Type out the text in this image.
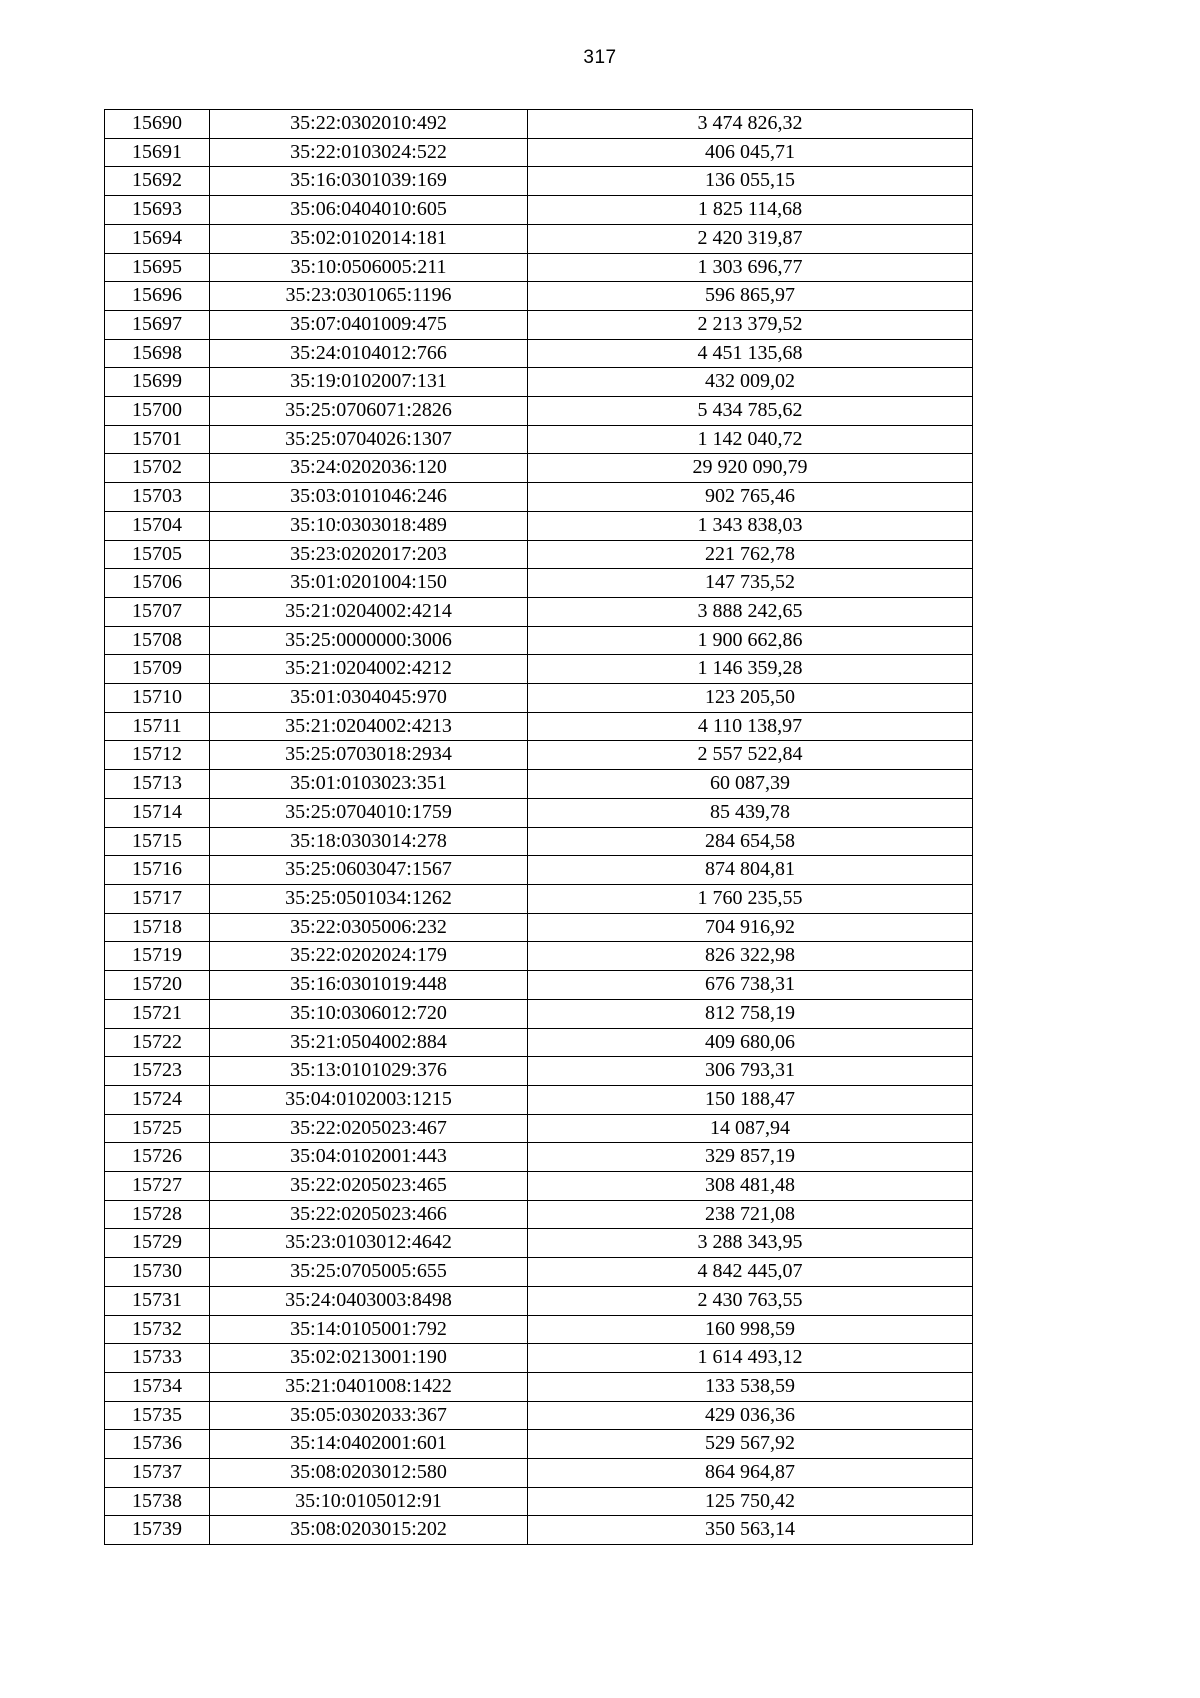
317
15690	35:22:0302010:492	3 474 826,32
15691	35:22:0103024:522	406 045,71
15692	35:16:0301039:169	136 055,15
15693	35:06:0404010:605	1 825 114,68
15694	35:02:0102014:181	2 420 319,87
15695	35:10:0506005:211	1 303 696,77
15696	35:23:0301065:1196	596 865,97
15697	35:07:0401009:475	2 213 379,52
15698	35:24:0104012:766	4 451 135,68
15699	35:19:0102007:131	432 009,02
15700	35:25:0706071:2826	5 434 785,62
15701	35:25:0704026:1307	1 142 040,72
15702	35:24:0202036:120	29 920 090,79
15703	35:03:0101046:246	902 765,46
15704	35:10:0303018:489	1 343 838,03
15705	35:23:0202017:203	221 762,78
15706	35:01:0201004:150	147 735,52
15707	35:21:0204002:4214	3 888 242,65
15708	35:25:0000000:3006	1 900 662,86
15709	35:21:0204002:4212	1 146 359,28
15710	35:01:0304045:970	123 205,50
15711	35:21:0204002:4213	4 110 138,97
15712	35:25:0703018:2934	2 557 522,84
15713	35:01:0103023:351	60 087,39
15714	35:25:0704010:1759	85 439,78
15715	35:18:0303014:278	284 654,58
15716	35:25:0603047:1567	874 804,81
15717	35:25:0501034:1262	1 760 235,55
15718	35:22:0305006:232	704 916,92
15719	35:22:0202024:179	826 322,98
15720	35:16:0301019:448	676 738,31
15721	35:10:0306012:720	812 758,19
15722	35:21:0504002:884	409 680,06
15723	35:13:0101029:376	306 793,31
15724	35:04:0102003:1215	150 188,47
15725	35:22:0205023:467	14 087,94
15726	35:04:0102001:443	329 857,19
15727	35:22:0205023:465	308 481,48
15728	35:22:0205023:466	238 721,08
15729	35:23:0103012:4642	3 288 343,95
15730	35:25:0705005:655	4 842 445,07
15731	35:24:0403003:8498	2 430 763,55
15732	35:14:0105001:792	160 998,59
15733	35:02:0213001:190	1 614 493,12
15734	35:21:0401008:1422	133 538,59
15735	35:05:0302033:367	429 036,36
15736	35:14:0402001:601	529 567,92
15737	35:08:0203012:580	864 964,87
15738	35:10:0105012:91	125 750,42
15739	35:08:0203015:202	350 563,14
